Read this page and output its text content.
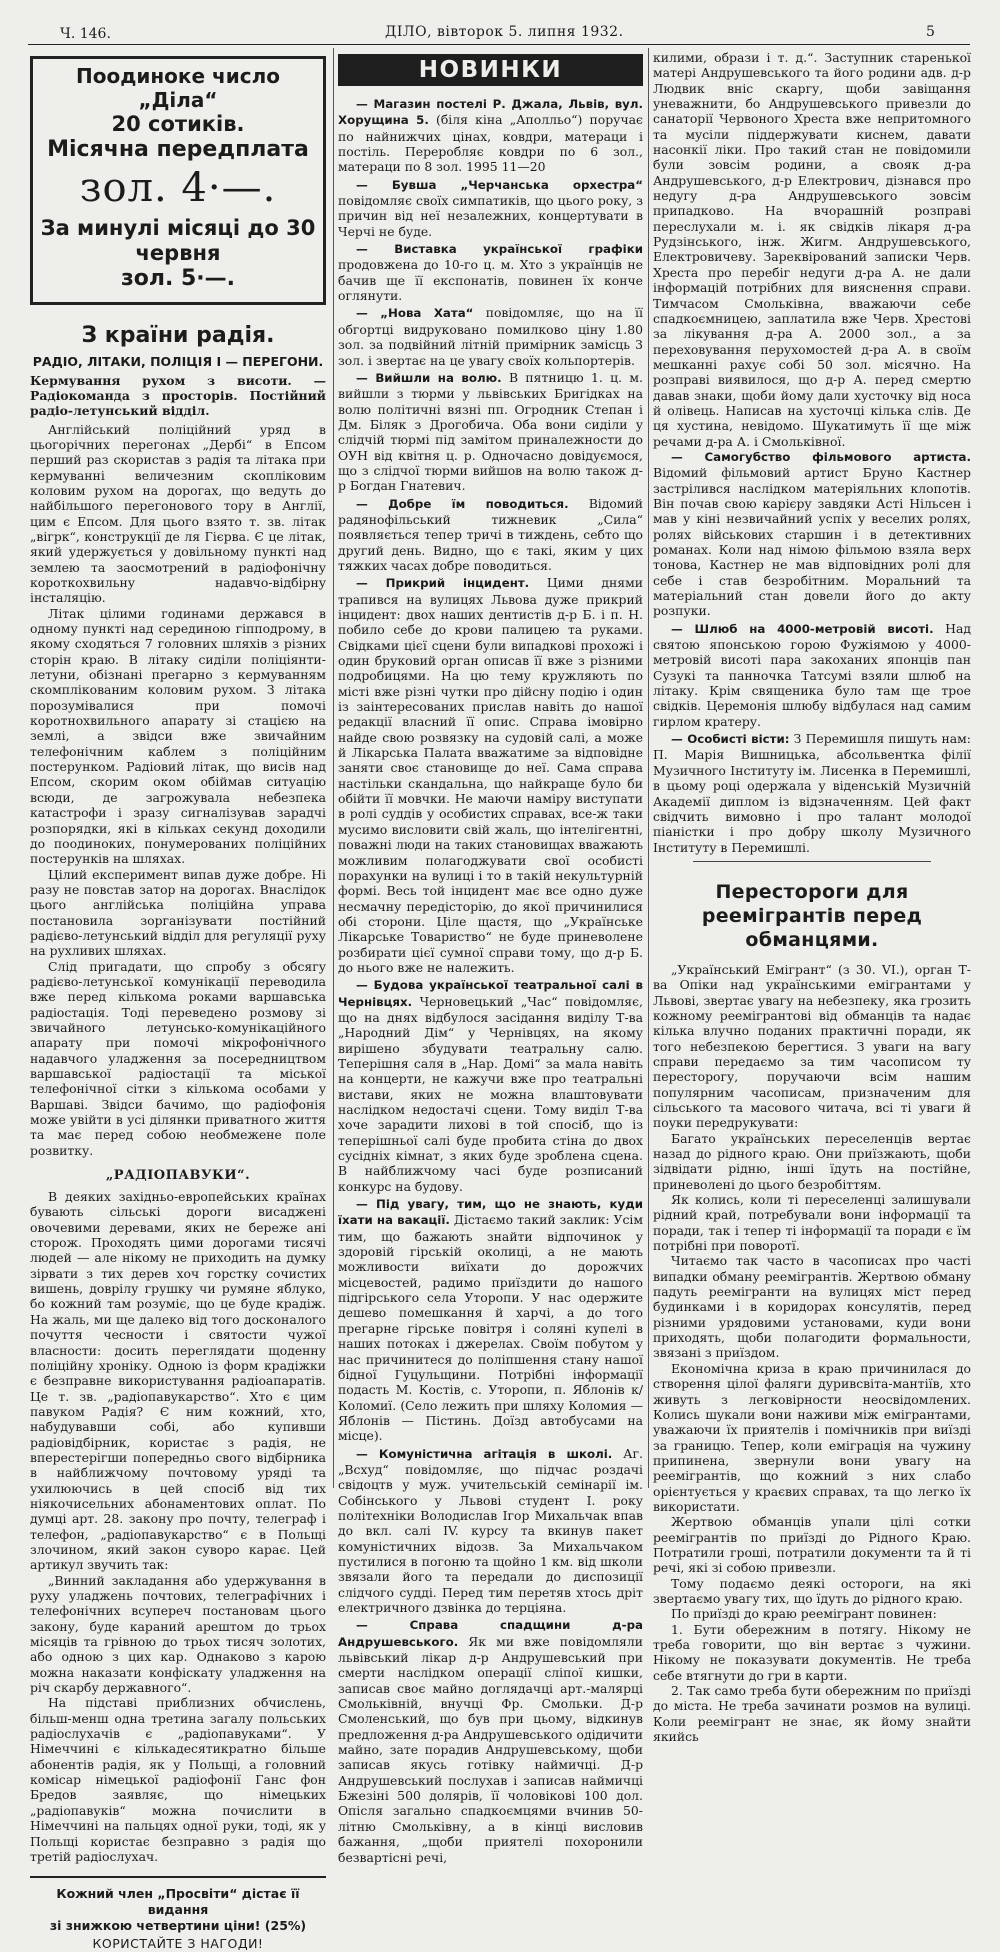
Ч. 146.	ДІЛО, вівторок 5. липня 1932.	5
Поодиноке число „Діла“
20 сотиків.
Місячна передплата
зол. 4·—.
За минулі місяці до 30 червня
зол. 5·—.
З країни радія.
РАДІО, ЛІТАКИ, ПОЛІЦІЯ І — ПЕРЕГОНИ.
Кермування рухом з висоти. — Радіокоманда з просторів. Постійний радіо-летунський відділ.

Англійський поліційний уряд в цьогорічних перегонах „Дербі“ в Епсом перший раз скористав з радія та літака при кермуванні величезним скопліковим коловим рухом на дорогах, що ведуть до найбільшого перегонового тору в Англії, цим є Епсом. Для цього взято т. зв. літак „вігрк“, конструкції де ля Гієрва. Є це літак, який удержується у довільному пункті над землею та заосмотрений в радіофонічну короткохвильну надавчо-відбірну інсталяцію.

Літак цілими годинами держався в одному пункті над серединою гіпподрому, в якому сходяться 7 головних шляхів з різних сторін краю. В літаку сиділи поліціянти-летуни, обізнані прегарно з кермуванням скомплікованим коловим рухом. З літака порозумівалися при помочі коротнохвильного апарату зі стацією на землі, а звідси вже звичайним телефонічним каблем з поліційним постерунком. Радіовий літак, що висів над Епсом, скорим оком обіймав ситуацію всюди, де загрожувала небезпека катастрофи і зразу сигналізував зарадчі розпорядки, які в кільках секунд доходили до поодиноких, понумерованих поліційних постерунків на шляхах.

Цілий експеримент випав дуже добре. Ні разу не повстав затор на дорогах. Внаслідок цього англійська поліційна управа постановила зорганізувати постійний радієво-летунський відділ для регуляції руху на рухливих шляхах.

Слід пригадати, що спробу з обсягу радієво-летунської комунікації переводила вже перед кількома роками варшавська радіостація. Тоді переведено розмову зі звичайного летунсько-комунікаційного апарату при помочі мікрофонічного надавчого уладження за посередництвом варшавської радіостації та міської телефонічної сітки з кількома особами у Варшаві. Звідси бачимо, що радіофонія може увійти в усі ділянки приватного життя та має перед собою необмежене поле розвитку.

„РАДІОПАВУКИ“.

В деяких західньо-европейських країнах бувають сільські дороги висаджені овочевими деревами, яких не береже ані сторож. Проходять цими дорогами тисячі людей — але нікому не приходить на думку зірвати з тих дерев хоч горстку сочистих вишень, доврілу грушку чи румяне яблуко, бо кожний там розуміє, що це буде крадіж. На жаль, ми ще далеко від того досконалого почуття чесности і святости чужої власности: досить переглядати щоденну поліційну хроніку. Одною із форм крадіжки є безправне використування радіоапаратів. Це т. зв. „радіопавукарство“. Хто є цим павуком Радія? Є ним кожний, хто, набудувавши собі, або купивши радіовідбірник, користає з радія, не вперестерігши попередньо свого відбірника в найближчому почтовому уряді та ухилюючись в цей спосіб від тих ніякочисельних абонаментових оплат. По думці арт. 28. закону про почту, телеграф і телефон, „радіопавукарство“ є в Польщі злочином, який закон суворо карає. Цей артикул звучить так:

„Винний закладання або удержування в руху уладжень почтових, телеграфічних і телефонічних всупереч постановам цього закону, буде караний арештом до трьох місяців та грівною до трьох тисяч золотих, або одною з цих кар. Однаково з карою можна наказати конфіскату уладження на річ скарбу державного“.

На підставі приблизних обчислень, більш-менш одна третина загалу польських радіослухачів є „радіопавуками“. У Німеччині є кількадесятикратно більше абонентів радія, як у Польщі, а головний комісар німецької радіофонії Ганс фон Бредов заявляє, що німецьких „радіопавуків“ можна почислити в Німеччині на пальцях одної руки, тоді, як у Польщі користає безправно з радія що третій радіослухач.

Кожний член „Просвіти“ дістає її видання
зі знижкою четвертини ціни! (25%)
КОРИСТАЙТЕ З НАГОДИ!
НОВИНКИ

— Магазин постелі Р. Джала, Львів, вул. Хорущина 5. (біля кіна „Аполльо“) поручає по найнижчих цінах, ковдри, матераци і постіль. Переробляє ковдри по 6 зол., матераци по 8 зол. 1995 11—20

— Бувша „Черчанська орхестра“ повідомляє своїх симпатиків, що цього року, з причин від неї незалежних, концертувати в Черчі не буде.

— Виставка української графіки продовжена до 10-го ц. м. Хто з українців не бачив ще її експонатів, повинен їх конче оглянути.

— „Нова Хата“ повідомляє, що на її обгортці видруковано помилково ціну 1.80 зол. за подвійний літній примірник замісць 3 зол. і звертає на це увагу своїх кольпортерів.

— Вийшли на волю. В пятницю 1. ц. м. вийшли з тюрми у львівських Бригідках на волю політичні вязні пп. Огродник Степан і Дм. Біляк з Дрогобича. Оба вони сиділи у слідчій тюрмі під замітом приналежности до ОУН від квітня ц. р. Одночасно довідуємося, що з слідчої тюрми вийшов на волю також д-р Богдан Гнатевич.

— Добре їм поводиться. Відомий радянофільський тижневик „Сила“ появляється тепер тричі в тиждень, себто що другий день. Видно, що є такі, яким у цих тяжких часах добре поводиться.

— Прикрий інцидент. Цими днями трапився на вулицях Львова дуже прикрий інцидент: двох наших дентистів д-р Б. і п. Н. побило себе до крови палицею та руками. Свідками цієї сцени були випадкові прохожі і один бруковий орган описав її вже з різними подробицями. На цю тему кружляють по місті вже різні чутки про дійсну подію і один із заінтересованих прислав навіть до нашої редакції власний її опис. Справа імовірно найде свою розвязку на судовій салі, а може й Лікарська Палата вважатиме за відповідне заняти своє становище до неї. Сама справа настільки скандальна, що найкраще було би обійти її мовчки. Не маючи наміру виступати в ролі суддів у особистих справах, все-ж таки мусимо висловити свій жаль, що інтелігентні, поважні люди на таких становищах вважають можливим полагоджувати свої особисті порахунки на вулиці і то в такій некультурній формі. Весь той інцидент має все одно дуже несмачну передісторію, до якої причинилися обі сторони. Ціле щастя, що „Українське Лікарське Товариство“ не буде приневолене розбирати цієї сумної справи тому, що д-р Б. до нього вже не належить.

— Будова української театральної салі в Чернівцях. Черновецький „Час“ повідомляє, що на днях відбулося засідання виділу Т-ва „Народний Дім“ у Чернівцях, на якому вирішено збудувати театральну салю. Теперішня саля в „Нар. Домі“ за мала навіть на концерти, не кажучи вже про театральні вистави, яких не можна влаштовувати наслідком недостачі сцени. Тому виділ Т-ва хоче зарадити лихові в той спосіб, що із теперішньої салі буде пробита стіна до двох сусідніх кімнат, з яких буде зроблена сцена. В найближчому часі буде розписаний конкурс на будову.

— Під увагу, тим, що не знають, куди їхати на вакації. Дістаємо такий заклик: Усім тим, що бажають знайти відпочинок у здоровій гірській околиці, а не мають можливости виїхати до дорожчих місцевостей, радимо приїздити до нашого підгірського села Уторопи. У нас одержите дешево помешкання й харчі, а до того прегарне гірське повітря і соляні купелі в наших потоках і джерелах. Своїм побутом у нас причинитеся до поліпшення стану нашої бідної Гуцульщини. Потрібні інформації подасть М. Костів, с. Уторопи, п. Яблонів к/Коломиї. (Село лежить при шляху Коломия — Яблонів — Пістинь. Доїзд автобусами на місце).

— Комуністична агітація в школі. Аг. „Всхуд“ повідомляє, що підчас роздачі свідоцтв у муж. учительській семінарії ім. Собінського у Львові студент І. року політехніки Володислав Ігор Михальчак впав до вкл. салі IV. курсу та вкинув пакет комуністичних відозв. За Михальчаком пустилися в погоню та щойно 1 км. від школи звязали його та передали до диспозиції слідчого судді. Перед тим перетяв хтось дріт електричного дзвінка до терціяна.

— Справа спадщини д-ра Андрушевського. Як ми вже повідомляли львівський лікар д-р Андрушевський при смерти наслідком операції сліпої кишки, записав своє майно доглядачці арт.-малярці Смольківній, внучці Фр. Смольки. Д-р Смоленський, що був при цьому, відкинув предложення д-ра Андрушевського одідичити майно, зате порадив Андрушевському, щоби записав якусь готівку наймичці. Д-р Андрушевський послухав і записав наймичці Бжезіні 500 долярів, її чоловікові 100 дол. Опісля загально спадкоємцями вчинив 50-літню Смольківну, а в кінці висловив бажання, „щоби приятелі похоронили безвартісні речі,

килими, образи і т. д.“. Заступник старенької матері Андрушевського та його родини адв. д-р Людвик вніс скаргу, щоби завіщання уневажнити, бо Андрушевського привезли до санаторії Червоного Хреста вже непритомного та мусіли піддержувати киснем, давати насонкії ліки. Про такий стан не повідомили були зовсім родини, а свояк д-ра Андрушевського, д-р Електрович, дізнався про недугу д-ра Андрушевського зовсім припадково. На вчорашній розправі переслухали м. і. як свідків лікаря д-ра Рудзінського, інж. Жигм. Андрушевського, Електровичеву. Зареквірований записки Черв. Хреста про перебіг недуги д-ра А. не дали інформацій потрібних для вияснення справи. Тимчасом Смольківна, вважаючи себе спадкоємницею, заплатила вже Черв. Хрестові за лікування д-ра А. 2000 зол., а за переховування перухомостей д-ра А. в своїм мешканні рахує собі 50 зол. місячно. На розправі виявилося, що д-р А. перед смертю давав знаки, щоби йому дали хусточку від носа й олівець. Написав на хусточці кілька слів. Де ця хустина, невідомо. Шукатимуть її ще між речами д-ра А. і Смольківної.

— Самогубство фільмового артиста. Відомий фільмовий артист Бруно Кастнер застрілився наслідком матеріяльних клопотів. Він почав свою карієру завдяки Асті Нільсен і мав у кіні незвичайний успіх у веселих ролях, ролях військових старшин і в детективних романах. Коли над німою фільмою взяла верх тонова, Кастнер не мав відповідних ролі для себе і став безробітним. Моральний та матеріальний стан довели його до акту розпуки.

— Шлюб на 4000-метровій висоті. Над святою японською горою Фужіямою у 4000-метровій висоті пара закоханих японців пан Сузукі та панночка Татсумі взяли шлюб на літаку. Крім священика було там ще трое свідків. Церемонія шлюбу відбулася над самим гирлом кратеру.

— Особисті вісти: З Перемишля пишуть нам: П. Марія Вишницька, абсольвентка філії Музичного Інституту ім. Лисенка в Перемишлі, в цьому році одержала у віденській Музичній Академії диплом із відзначенням. Цей факт свідчить вимовно і про талант молодої піаністки і про добру школу Музичного Інституту в Перемишлі.

Перестороги для реемігрантів перед обманцями.

„Український Емігрант“ (з 30. VI.), орган Т-ва Опіки над українськими емігрантами у Львові, звертає увагу на небезпеку, яка грозить кожному реемігрантові від обманців та надає кілька влучно поданих практичні поради, як того небезпекою берегтися. З уваги на вагу справи передаємо за тим часописом ту пересторогу, поручаючи всім нашим популярним часописам, призначеним для сільського та масового читача, всі ті уваги й поуки передрукувати:

Багато українських переселенців вертає назад до рідного краю. Они приїзжають, щоби зідвідати рідню, інші їдуть на постійне, приневолені до цього безробіттям.

Як колись, коли ті переселенці залишували рідний край, потребували вони інформації та поради, так і тепер ті інформації та поради є їм потрібні при поворотї.

Читаємо так часто в часописах про часті випадки обману реемігрантів. Жертвою обману падуть реемігранти на вулицях міст перед будинками і в коридорах консулятів, перед різними урядовими установами, куди вони приходять, щоби полагодити формальности, звязані з приїздом.

Економічна криза в краю причинилася до створення цілої фаляги дуривсвіта-мантіїв, хто живуть з легковірности неосвідомлених. Колись шукали вони наживи між емігрантами, уважаючи їх приятелів і помічників при виїзді за границю. Тепер, коли еміграція на чужину припинена, звернули вони увагу на реемігрантів, що кожний з них слабо орієнтується у краєвих справах, та що легко їх використати.

Жертвою обманців упали цілі сотки реемігрантів по приїзді до Рідного Краю. Потратили гроші, потратили документи та й ті речі, які зі собою привезли.

Тому подаємо деякі остороги, на які звертаємо увагу тих, що їдуть до рідного краю.

По приїзді до краю реемігрант повинен:

1. Бути обережним в потягу. Нікому не треба говорити, що він вертає з чужини. Нікому не показувати документів. Не треба себе втягнути до гри в карти.

2. Так само треба бути обережним по приїзді до міста. Не треба зачинати розмов на вулиці. Коли реемігрант не знає, як йому знайти якийсь
